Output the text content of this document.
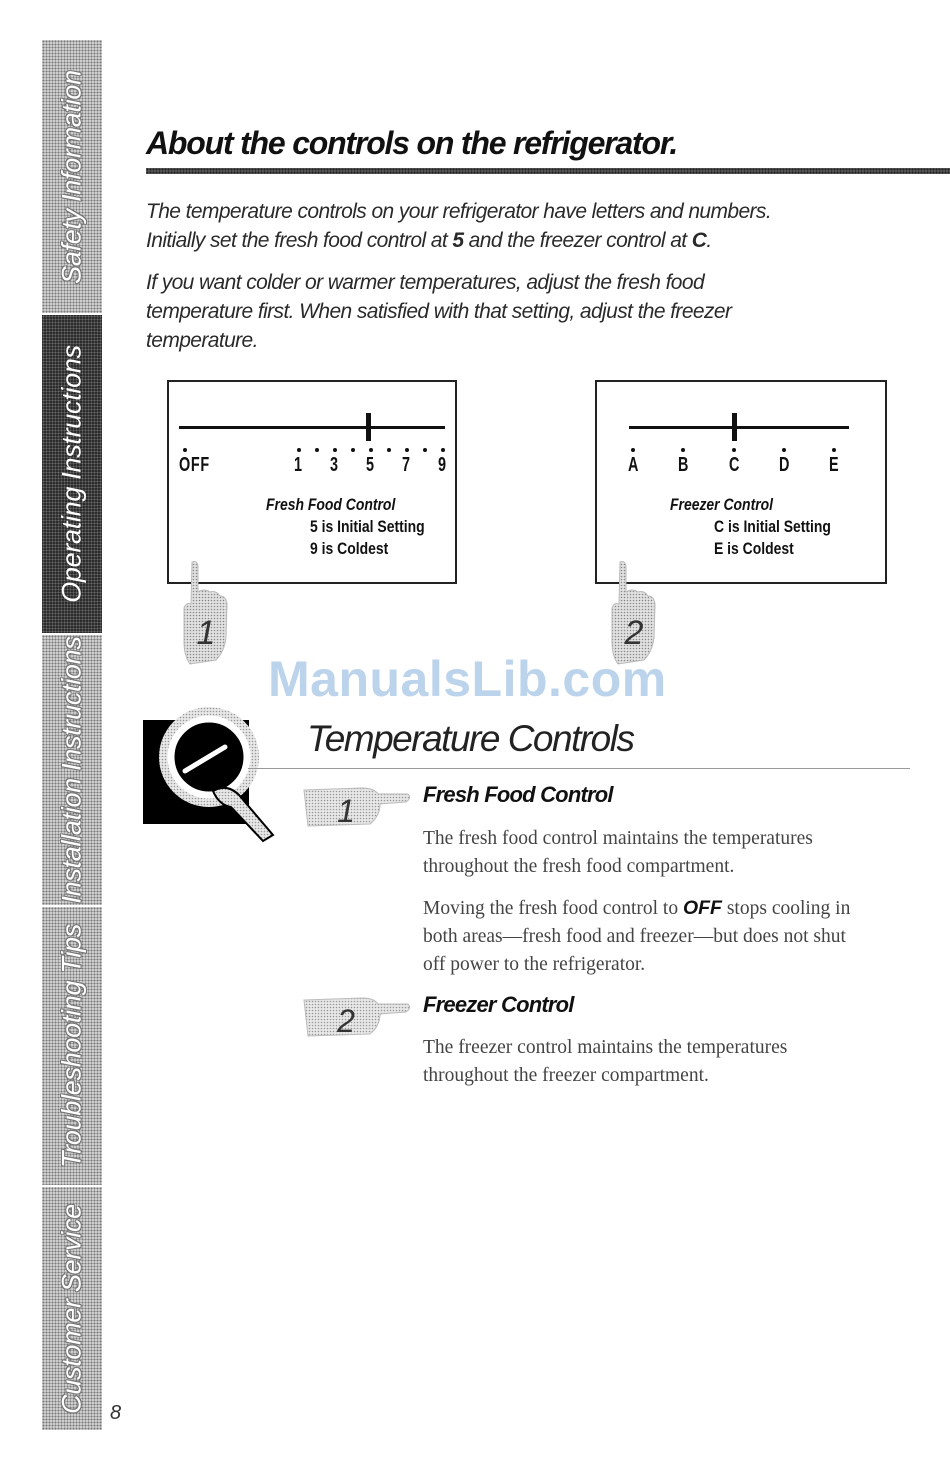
Safety Information
Operating Instructions
Installation Instructions
Troubleshooting Tips
Customer Service 8
About the controls on the refrigerator.

The temperature controls on your refrigerator have letters and numbers.
Initially set the fresh food control at 5 and the freezer control at C.

If you want colder or warmer temperatures, adjust the fresh food
temperature first. When satisfied with that setting, adjust the freezer
temperature.

OFF	1 3 5 7 9
Fresh Food Control
5 is Initial Setting
9 is Coldest
A B C D E
Freezer Control
C is Initial Setting
E is Coldest
1	2
ManualsLib.com
Temperature Controls
1	Fresh Food Control

The fresh food control maintains the temperatures
throughout the fresh food compartment.

Moving the fresh food control to OFF stops cooling in
both areas—fresh food and freezer—but does not shut
off power to the refrigerator.

2	Freezer Control

The freezer control maintains the temperatures
throughout the freezer compartment.
